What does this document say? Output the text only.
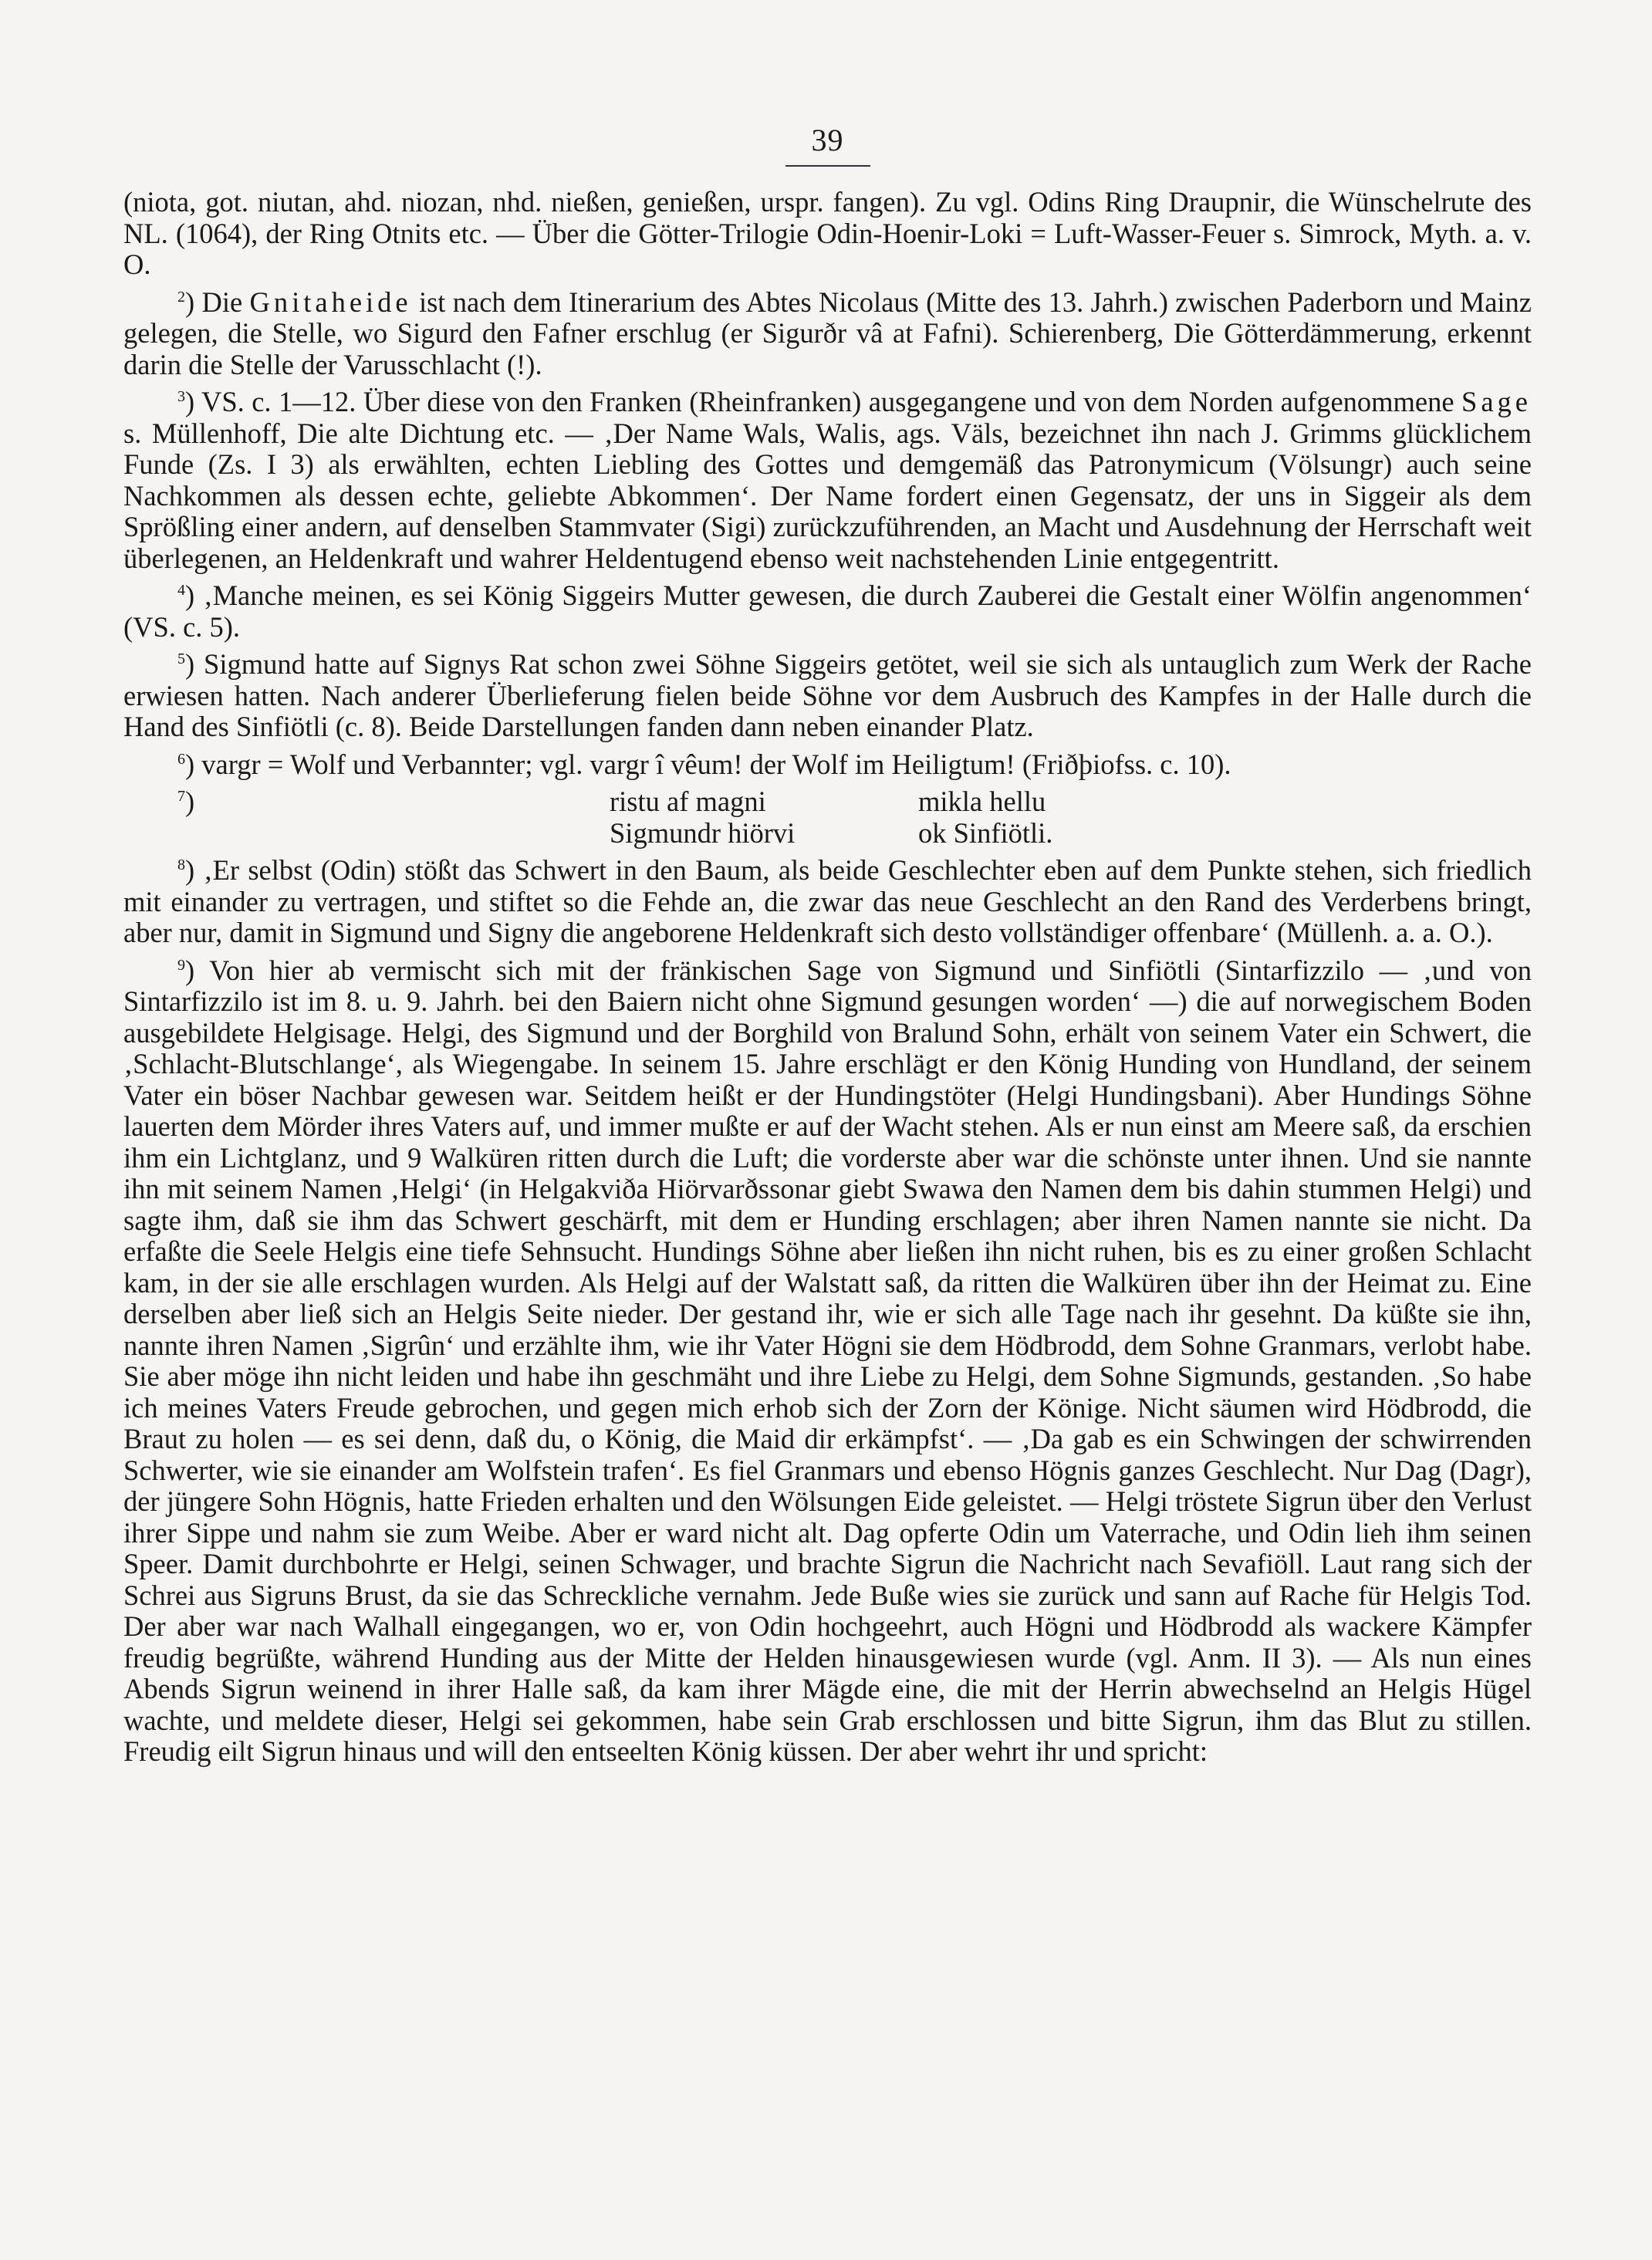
39

(niota, got. niutan, ahd. niozan, nhd. nießen, genießen, urspr. fangen). Zu vgl. Odins Ring Draupnir, die Wünschelrute des NL. (1064), der Ring Otnits etc. — Über die Götter-Trilogie Odin-Hoenir-Loki = Luft-Wasser-Feuer s. Simrock, Myth. a. v. O.

$^2$) Die Gnitaheide ist nach dem Itinerarium des Abtes Nicolaus (Mitte des 13. Jahrh.) zwischen Paderborn und Mainz gelegen, die Stelle, wo Sigurd den Fafner erschlug (er Sigurðr vâ at Fafni). Schierenberg, Die Götterdämmerung, erkennt darin die Stelle der Varusschlacht (!).

$^3$) VS. c. 1—12. Über diese von den Franken (Rheinfranken) ausgegangene und von dem Norden aufgenommene Sage s. Müllenhoff, Die alte Dichtung etc. — ‚Der Name Wals, Walis, ags. Väls, bezeichnet ihn nach J. Grimms glücklichem Funde (Zs. I 3) als erwählten, echten Liebling des Gottes und demgemäß das Patronymicum (Völsungr) auch seine Nachkommen als dessen echte, geliebte Abkommen‘. Der Name fordert einen Gegensatz, der uns in Siggeir als dem Sprößling einer andern, auf denselben Stammvater (Sigi) zurückzuführenden, an Macht und Ausdehnung der Herrschaft weit überlegenen, an Heldenkraft und wahrer Heldentugend ebenso weit nachstehenden Linie entgegentritt.

$^4$) ‚Manche meinen, es sei König Siggeirs Mutter gewesen, die durch Zauberei die Gestalt einer Wölfin angenommen‘ (VS. c. 5).

$^5$) Sigmund hatte auf Signys Rat schon zwei Söhne Siggeirs getötet, weil sie sich als untauglich zum Werk der Rache erwiesen hatten. Nach anderer Überlieferung fielen beide Söhne vor dem Ausbruch des Kampfes in der Halle durch die Hand des Sinfiötli (c. 8). Beide Darstellungen fanden dann neben einander Platz.

$^6$) vargr = Wolf und Verbannter; vgl. vargr î vêum! der Wolf im Heiligtum! (Friðþiofss. c. 10).

$^7$)	ristu af magni
Sigmundr hiörvi
mikla hellu
ok Sinfiötli.

$^8$) ‚Er selbst (Odin) stößt das Schwert in den Baum, als beide Geschlechter eben auf dem Punkte stehen, sich friedlich mit einander zu vertragen, und stiftet so die Fehde an, die zwar das neue Geschlecht an den Rand des Verderbens bringt, aber nur, damit in Sigmund und Signy die angeborene Heldenkraft sich desto vollständiger offenbare‘ (Müllenh. a. a. O.).

$^9$) Von hier ab vermischt sich mit der fränkischen Sage von Sigmund und Sinfiötli (Sintarfizzilo — ‚und von Sintarfizzilo ist im 8. u. 9. Jahrh. bei den Baiern nicht ohne Sigmund gesungen worden‘ —) die auf norwegischem Boden ausgebildete Helgisage. Helgi, des Sigmund und der Borghild von Bralund Sohn, erhält von seinem Vater ein Schwert, die ‚Schlacht-Blutschlange‘, als Wiegengabe. In seinem 15. Jahre erschlägt er den König Hunding von Hundland, der seinem Vater ein böser Nachbar gewesen war. Seitdem heißt er der Hundingstöter (Helgi Hundingsbani). Aber Hundings Söhne lauerten dem Mörder ihres Vaters auf, und immer mußte er auf der Wacht stehen. Als er nun einst am Meere saß, da erschien ihm ein Lichtglanz, und 9 Walküren ritten durch die Luft; die vorderste aber war die schönste unter ihnen. Und sie nannte ihn mit seinem Namen ‚Helgi‘ (in Helgakviða Hiörvarðssonar giebt Swawa den Namen dem bis dahin stummen Helgi) und sagte ihm, daß sie ihm das Schwert geschärft, mit dem er Hunding erschlagen; aber ihren Namen nannte sie nicht. Da erfaßte die Seele Helgis eine tiefe Sehnsucht. Hundings Söhne aber ließen ihn nicht ruhen, bis es zu einer großen Schlacht kam, in der sie alle erschlagen wurden. Als Helgi auf der Walstatt saß, da ritten die Walküren über ihn der Heimat zu. Eine derselben aber ließ sich an Helgis Seite nieder. Der gestand ihr, wie er sich alle Tage nach ihr gesehnt. Da küßte sie ihn, nannte ihren Namen ‚Sigrûn‘ und erzählte ihm, wie ihr Vater Högni sie dem Hödbrodd, dem Sohne Granmars, verlobt habe. Sie aber möge ihn nicht leiden und habe ihn geschmäht und ihre Liebe zu Helgi, dem Sohne Sigmunds, gestanden. ‚So habe ich meines Vaters Freude gebrochen, und gegen mich erhob sich der Zorn der Könige. Nicht säumen wird Hödbrodd, die Braut zu holen — es sei denn, daß du, o König, die Maid dir erkämpfst‘. — ‚Da gab es ein Schwingen der schwirrenden Schwerter, wie sie einander am Wolfstein trafen‘. Es fiel Granmars und ebenso Högnis ganzes Geschlecht. Nur Dag (Dagr), der jüngere Sohn Högnis, hatte Frieden erhalten und den Wölsungen Eide geleistet. — Helgi tröstete Sigrun über den Verlust ihrer Sippe und nahm sie zum Weibe. Aber er ward nicht alt. Dag opferte Odin um Vaterrache, und Odin lieh ihm seinen Speer. Damit durchbohrte er Helgi, seinen Schwager, und brachte Sigrun die Nachricht nach Sevafiöll. Laut rang sich der Schrei aus Sigruns Brust, da sie das Schreckliche vernahm. Jede Buße wies sie zurück und sann auf Rache für Helgis Tod. Der aber war nach Walhall eingegangen, wo er, von Odin hochgeehrt, auch Högni und Hödbrodd als wackere Kämpfer freudig begrüßte, während Hunding aus der Mitte der Helden hinausgewiesen wurde (vgl. Anm. II 3). — Als nun eines Abends Sigrun weinend in ihrer Halle saß, da kam ihrer Mägde eine, die mit der Herrin abwechselnd an Helgis Hügel wachte, und meldete dieser, Helgi sei gekommen, habe sein Grab erschlossen und bitte Sigrun, ihm das Blut zu stillen. Freudig eilt Sigrun hinaus und will den entseelten König küssen. Der aber wehrt ihr und spricht:
